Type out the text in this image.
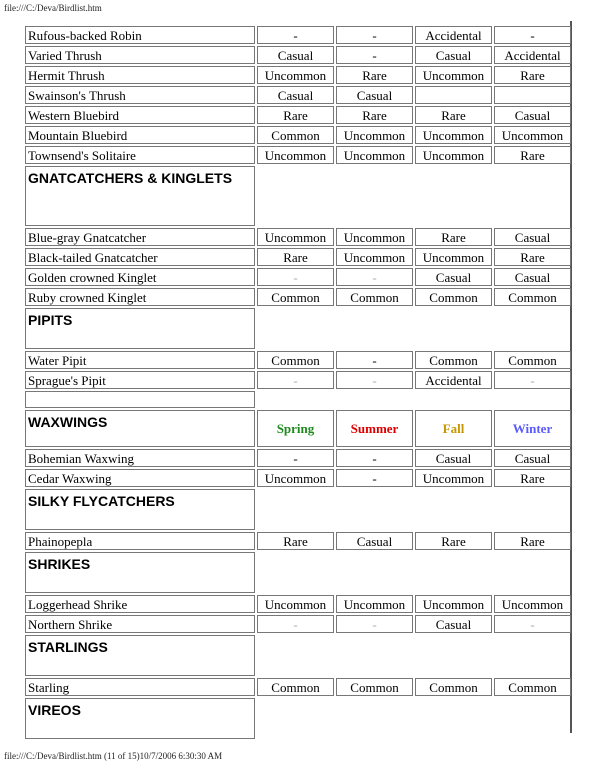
file:///C:/Deva/Birdlist.htm
Rufous-backed Robin	-	-	Accidental	-
Varied Thrush	Casual	-	Casual	Accidental
Hermit Thrush	Uncommon	Rare	Uncommon	Rare
Swainson's Thrush	Casual	Casual		
Western Bluebird	Rare	Rare	Rare	Casual
Mountain Bluebird	Common	Uncommon	Uncommon	Uncommon
Townsend's Solitaire	Uncommon	Uncommon	Uncommon	Rare
GNATCATCHERS & KINGLETS				
Blue-gray Gnatcatcher	Uncommon	Uncommon	Rare	Casual
Black-tailed Gnatcatcher	Rare	Uncommon	Uncommon	Rare
Golden crowned Kinglet	-	-	Casual	Casual
Ruby crowned Kinglet	Common	Common	Common	Common
PIPITS				
Water Pipit	Common	-	Common	Common
Sprague's Pipit	-	-	Accidental	-

WAXWINGS	Spring	Summer	Fall	Winter
Bohemian Waxwing	-	-	Casual	Casual
Cedar Waxwing	Uncommon	-	Uncommon	Rare
SILKY FLYCATCHERS				
Phainopepla	Rare	Casual	Rare	Rare
SHRIKES				
Loggerhead Shrike	Uncommon	Uncommon	Uncommon	Uncommon
Northern Shrike	-	-	Casual	-
STARLINGS				
Starling	Common	Common	Common	Common
VIREOS				
file:///C:/Deva/Birdlist.htm (11 of 15)10/7/2006 6:30:30 AM
